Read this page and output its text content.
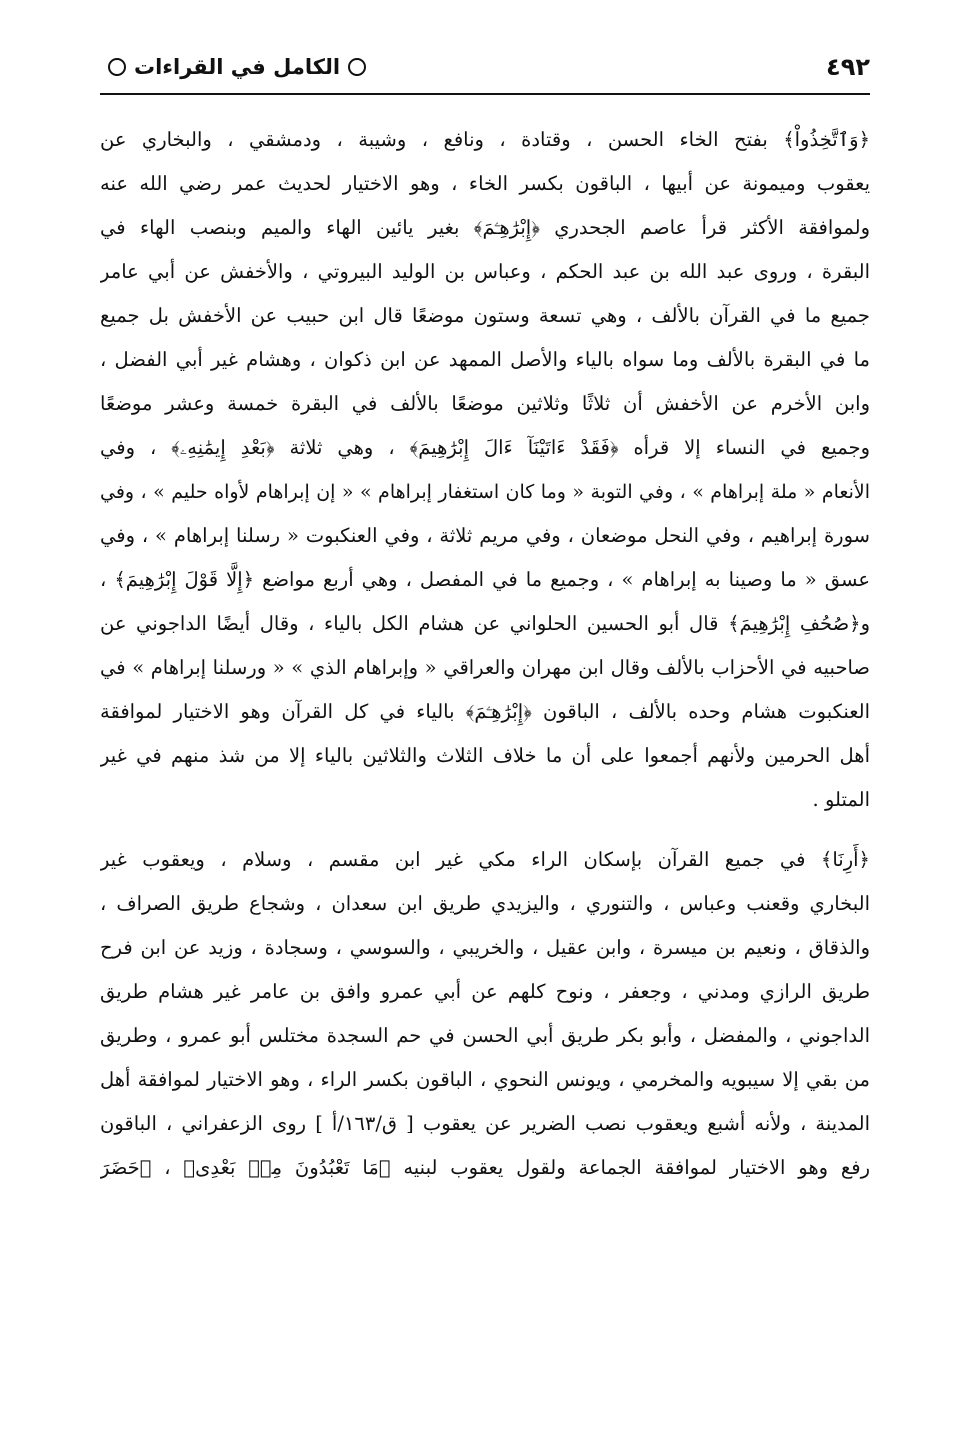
٤٩٢
الكامل في القراءات
﴿وَٱتَّخِذُواْ﴾ بفتح الخاء الحسن ، وقتادة ، ونافع ، وشيبة ، ودمشقي ، والبخاري عن
يعقوب وميمونة عن أبيها ، الباقون بكسر الخاء ، وهو الاختيار لحديث عمر رضي الله عنه
ولموافقة الأكثر قرأ عاصم الجحدري ﴿إِبْرَٰهِـۧمَ﴾ بغير يائين الهاء والميم وبنصب الهاء في
البقرة ، وروى عبد الله بن عبد الحكم ، وعباس بن الوليد البيروتي ، والأخفش عن أبي عامر
جميع ما في القرآن بالألف ، وهي تسعة وستون موضعًا قال ابن حبيب عن الأخفش بل جميع
ما في البقرة بالألف وما سواه بالياء والأصل الممهد عن ابن ذكوان ، وهشام غير أبي الفضل ،
وابن الأخرم عن الأخفش أن ثلاثًا وثلاثين موضعًا بالألف في البقرة خمسة وعشر موضعًا
وجميع في النساء إلا قرأه ﴿فَقَدْ ءَاتَيْنَآ ءَالَ إِبْرَٰهِيمَ﴾ ، وهي ثلاثة ﴿بَعْدِ إِيمَٰنِهِۦ﴾ ، وفي
الأنعام « ملة إبراهام » ، وفي التوبة « وما كان استغفار إبراهام » « إن إبراهام لأواه حليم » ، وفي
سورة إبراهيم ، وفي النحل موضعان ، وفي مريم ثلاثة ، وفي العنكبوت « رسلنا إبراهام » ، وفي
عسق « ما وصينا به إبراهام » ، وجميع ما في المفصل ، وهي أربع مواضع ﴿إِلَّا قَوْلَ إِبْرَٰهِيمَ﴾ ،
و﴿صُحُفِ إِبْرَٰهِيمَ﴾ قال أبو الحسين الحلواني عن هشام الكل بالياء ، وقال أيضًا الداجوني عن
صاحبيه في الأحزاب بالألف وقال ابن مهران والعراقي « وإبراهام الذي » « ورسلنا إبراهام » في
العنكبوت هشام وحده بالألف ، الباقون ﴿إِبْرَٰهِـۧمَ﴾ بالياء في كل القرآن وهو الاختيار لموافقة
أهل الحرمين ولأنهم أجمعوا على أن ما خلاف الثلاث والثلاثين بالياء إلا من شذ منهم في غير
المتلو .
﴿أَرِنَا﴾ في جميع القرآن بإسكان الراء مكي غير ابن مقسم ، وسلام ، ويعقوب غير
البخاري وقعنب وعباس ، والتنوري ، واليزيدي طريق ابن سعدان ، وشجاع طريق الصراف ،
والذقاق ، ونعيم بن ميسرة ، وابن عقيل ، والخريبي ، والسوسي ، وسجادة ، وزيد عن ابن فرح
طريق الرازي ومدني ، وجعفر ، ونوح كلهم عن أبي عمرو وافق بن عامر غير هشام طريق
الداجوني ، والمفضل ، وأبو بكر طريق أبي الحسن في حم السجدة مختلس أبو عمرو ، وطريق
من بقي إلا سيبويه والمخرمي ، ويونس النحوي ، الباقون بكسر الراء ، وهو الاختيار لموافقة أهل
المدينة ، ولأنه أشبع ويعقوب نصب الضرير عن يعقوب [ ق/١٦٣/أ ] روى الزعفراني ، الباقون
رفع وهو الاختيار لموافقة الجماعة ولقول يعقوب لبنيه ﴿مَا تَعْبُدُونَ مِنۢ بَعْدِى﴾ ، ﴿حَضَرَ
